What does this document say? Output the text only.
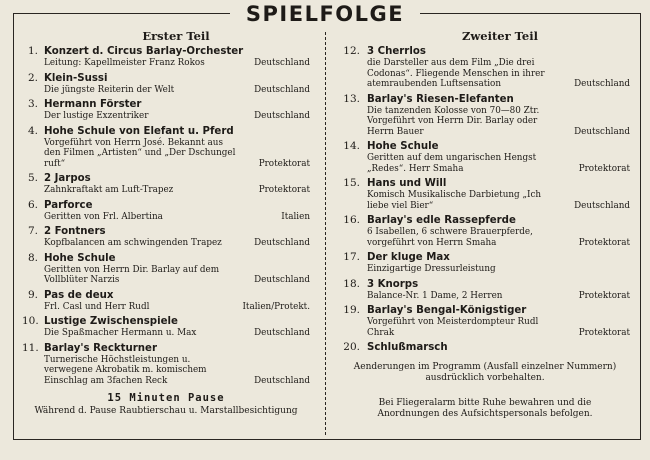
SPIELFOLGE
Erster Teil
1. Konzert d. Circus Barlay-Orchester
Leitung: Kapellmeister Franz Rokos	Deutschland
2. Klein-Sussi
Die jüngste Reiterin der Welt	Deutschland
3. Hermann Förster
Der lustige Exzentriker	Deutschland
4. Hohe Schule von Elefant u. Pferd
Vorgeführt von Herrn José. Bekannt aus den Filmen „Artisten“ und „Der Dschungel ruft“	Protektorat
5. 2 Jarpos
Zahnkraftakt am Luft-Trapez	Protektorat
6. Parforce
Geritten von Frl. Albertina	Italien
7. 2 Fontners
Kopfbalancen am schwingenden Trapez	Deutschland
8. Hohe Schule
Geritten von Herrn Dir. Barlay auf dem Vollblüter Narzis	Deutschland
9. Pas de deux
Frl. Casl und Herr Rudl	Italien/Protekt.
10. Lustige Zwischenspiele
Die Spaßmacher Hermann u. Max	Deutschland
11. Barlay's Reckturner
Turnerische Höchstleistungen u. verwegene Akrobatik m. komischem Einschlag am 3fachen Reck	Deutschland
15 Minuten Pause
Während d. Pause Raubtierschau u. Marstallbesichtigung
Zweiter Teil
12. 3 Cherrlos
die Darsteller aus dem Film „Die drei Codonas“. Fliegende Menschen in ihrer atemraubenden Luftsensation	Deutschland
13. Barlay's Riesen-Elefanten
Die tanzenden Kolosse von 70—80 Ztr. Vorgeführt von Herrn Dir. Barlay oder Herrn Bauer	Deutschland
14. Hohe Schule
Geritten auf dem ungarischen Hengst „Redes“. Herr Smaha	Protektorat
15. Hans und Will
Komisch Musikalische Darbietung „Ich liebe viel Bier“	Deutschland
16. Barlay's edle Rassepferde
6 Isabellen, 6 schwere Brauerpferde, vorgeführt von Herrn Smaha	Protektorat
17. Der kluge Max
Einzigartige Dressurleistung
18. 3 Knorps
Balance-Nr. 1 Dame, 2 Herren	Protektorat
19. Barlay's Bengal-Königstiger
Vorgeführt von Meisterdompteur Rudl Chrak	Protektorat
20. Schlußmarsch
Aenderungen im Programm (Ausfall einzelner Nummern) ausdrücklich vorbehalten.
Bei Fliegeralarm bitte Ruhe bewahren und die Anordnungen des Aufsichtspersonals befolgen.
